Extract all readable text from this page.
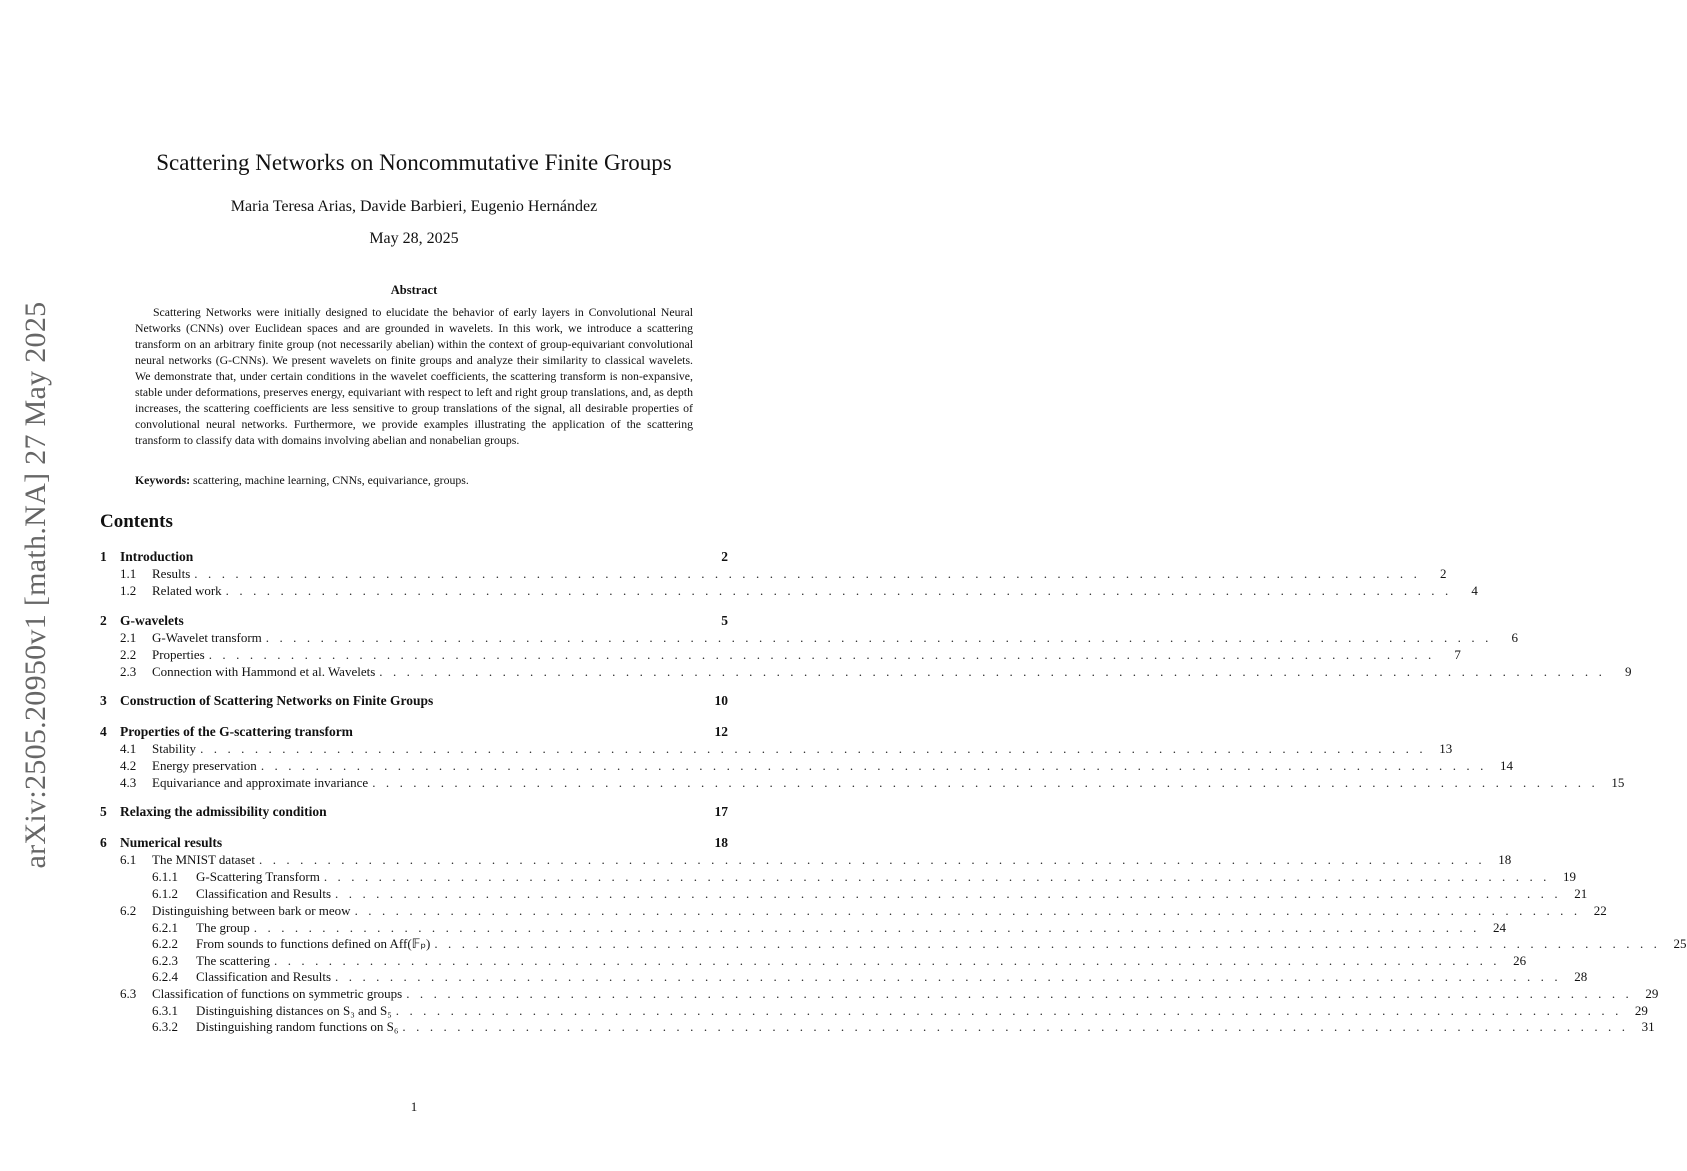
arXiv:2505.20950v1 [math.NA] 27 May 2025
Scattering Networks on Noncommutative Finite Groups
Maria Teresa Arias, Davide Barbieri, Eugenio Hernández
May 28, 2025
Abstract

Scattering Networks were initially designed to elucidate the behavior of early layers in Convolutional Neural Networks (CNNs) over Euclidean spaces and are grounded in wavelets. In this work, we introduce a scattering transform on an arbitrary finite group (not necessarily abelian) within the context of group-equivariant convolutional neural networks (G-CNNs). We present wavelets on finite groups and analyze their similarity to classical wavelets. We demonstrate that, under certain conditions in the wavelet coefficients, the scattering transform is non-expansive, stable under deformations, preserves energy, equivariant with respect to left and right group translations, and, as depth increases, the scattering coefficients are less sensitive to group translations of the signal, all desirable properties of convolutional neural networks. Furthermore, we provide examples illustrating the application of the scattering transform to classify data with domains involving abelian and nonabelian groups.

Keywords: scattering, machine learning, CNNs, equivariance, groups.

Contents
1 Introduction	2
1.1	Results . . . . . . . . . . . . . . . . . . . . . . . . . . . . . . . . . . . . . . . . . . . . . . . . . . . . . . . . . . . . . . . . . . . . . . . . . . . . . . . . . . . . . . . . . .	2
1.2	Related work . . . . . . . . . . . . . . . . . . . . . . . . . . . . . . . . . . . . . . . . . . . . . . . . . . . . . . . . . . . . . . . . . . . . . . . . . . . . . . . . . . . . . . . . . .	4
2 G-wavelets	5
2.1	G-Wavelet transform . . . . . . . . . . . . . . . . . . . . . . . . . . . . . . . . . . . . . . . . . . . . . . . . . . . . . . . . . . . . . . . . . . . . . . . . . . . . . . . . . . . . . . . . . .	6
2.2	Properties . . . . . . . . . . . . . . . . . . . . . . . . . . . . . . . . . . . . . . . . . . . . . . . . . . . . . . . . . . . . . . . . . . . . . . . . . . . . . . . . . . . . . . . . . .	7
2.3	Connection with Hammond et al. Wavelets . . . . . . . . . . . . . . . . . . . . . . . . . . . . . . . . . . . . . . . . . . . . . . . . . . . . . . . . . . . . . . . . . . . . . . . . . . . . . . . . . . . . . . . . . .	9
3 Construction of Scattering Networks on Finite Groups	10
4 Properties of the G-scattering transform	12
4.1	Stability . . . . . . . . . . . . . . . . . . . . . . . . . . . . . . . . . . . . . . . . . . . . . . . . . . . . . . . . . . . . . . . . . . . . . . . . . . . . . . . . . . . . . . . . . .	13
4.2	Energy preservation . . . . . . . . . . . . . . . . . . . . . . . . . . . . . . . . . . . . . . . . . . . . . . . . . . . . . . . . . . . . . . . . . . . . . . . . . . . . . . . . . . . . . . . . . .	14
4.3	Equivariance and approximate invariance . . . . . . . . . . . . . . . . . . . . . . . . . . . . . . . . . . . . . . . . . . . . . . . . . . . . . . . . . . . . . . . . . . . . . . . . . . . . . . . . . . . . . . . . . .	15
5 Relaxing the admissibility condition	17
6 Numerical results	18
6.1	The MNIST dataset . . . . . . . . . . . . . . . . . . . . . . . . . . . . . . . . . . . . . . . . . . . . . . . . . . . . . . . . . . . . . . . . . . . . . . . . . . . . . . . . . . . . . . . . . .	18
6.1.1	G-Scattering Transform . . . . . . . . . . . . . . . . . . . . . . . . . . . . . . . . . . . . . . . . . . . . . . . . . . . . . . . . . . . . . . . . . . . . . . . . . . . . . . . . . . . . . . . . . .	19
6.1.2	Classification and Results . . . . . . . . . . . . . . . . . . . . . . . . . . . . . . . . . . . . . . . . . . . . . . . . . . . . . . . . . . . . . . . . . . . . . . . . . . . . . . . . . . . . . . . . . .	21
6.2	Distinguishing between bark or meow . . . . . . . . . . . . . . . . . . . . . . . . . . . . . . . . . . . . . . . . . . . . . . . . . . . . . . . . . . . . . . . . . . . . . . . . . . . . . . . . . . . . . . . . . .	22
6.2.1	The group . . . . . . . . . . . . . . . . . . . . . . . . . . . . . . . . . . . . . . . . . . . . . . . . . . . . . . . . . . . . . . . . . . . . . . . . . . . . . . . . . . . . . . . . . .	24
6.2.2	From sounds to functions defined on Aff(𝔽ₚ) . . . . . . . . . . . . . . . . . . . . . . . . . . . . . . . . . . . . . . . . . . . . . . . . . . . . . . . . . . . . . . . . . . . . . . . . . . . . . . . . . . . . . . . . . .	25
6.2.3	The scattering . . . . . . . . . . . . . . . . . . . . . . . . . . . . . . . . . . . . . . . . . . . . . . . . . . . . . . . . . . . . . . . . . . . . . . . . . . . . . . . . . . . . . . . . . .	26
6.2.4	Classification and Results . . . . . . . . . . . . . . . . . . . . . . . . . . . . . . . . . . . . . . . . . . . . . . . . . . . . . . . . . . . . . . . . . . . . . . . . . . . . . . . . . . . . . . . . . .	28
6.3	Classification of functions on symmetric groups . . . . . . . . . . . . . . . . . . . . . . . . . . . . . . . . . . . . . . . . . . . . . . . . . . . . . . . . . . . . . . . . . . . . . . . . . . . . . . . . . . . . . . . . . .	29
6.3.1	Distinguishing distances on S₃ and S₅ . . . . . . . . . . . . . . . . . . . . . . . . . . . . . . . . . . . . . . . . . . . . . . . . . . . . . . . . . . . . . . . . . . . . . . . . . . . . . . . . . . . . . . . . . .	29
6.3.2	Distinguishing random functions on S₆ . . . . . . . . . . . . . . . . . . . . . . . . . . . . . . . . . . . . . . . . . . . . . . . . . . . . . . . . . . . . . . . . . . . . . . . . . . . . . . . . . . . . . . . . . .	31
1
